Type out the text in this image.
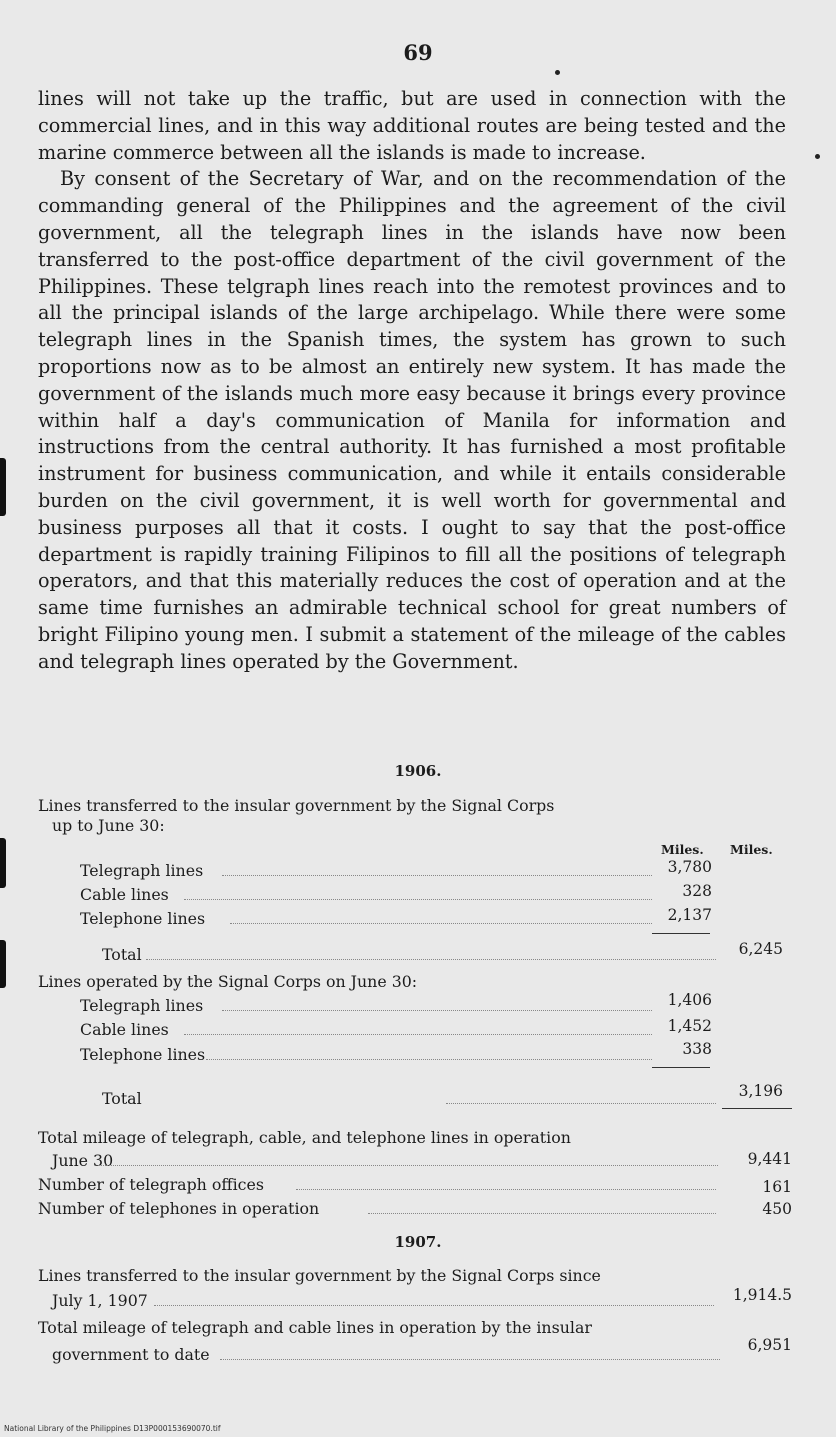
69

lines will not take up the traffic, but are used in connection with the commercial lines, and in this way additional routes are being tested and the marine commerce between all the islands is made to increase.

By consent of the Secretary of War, and on the recommendation of the commanding general of the Philippines and the agreement of the civil government, all the telegraph lines in the islands have now been transferred to the post-office department of the civil government of the Philippines. These telgraph lines reach into the remotest provinces and to all the principal islands of the large archipelago. While there were some telegraph lines in the Spanish times, the system has grown to such proportions now as to be almost an entirely new system. It has made the government of the islands much more easy because it brings every province within half a day's communication of Manila for information and instructions from the central authority. It has furnished a most profitable instrument for business communication, and while it entails considerable burden on the civil government, it is well worth for governmental and business purposes all that it costs. I ought to say that the post-office department is rapidly training Filipinos to fill all the positions of telegraph operators, and that this materially reduces the cost of operation and at the same time furnishes an admirable technical school for great numbers of bright Filipino young men. I submit a statement of the mileage of the cables and telegraph lines operated by the Government.

1906.
Lines transferred to the insular government by the Signal Corps
up to June 30:
Miles. Miles.
Telegraph lines	3,780
Cable lines	328
Telephone lines	2,137
Total	6,245
Lines operated by the Signal Corps on June 30:
Telegraph lines	1,406
Cable lines	1,452
Telephone lines	338
Total	3,196
Total mileage of telegraph, cable, and telephone lines in operation
June 30	9,441
Number of telegraph offices	161
Number of telephones in operation	450
1907.
Lines transferred to the insular government by the Signal Corps since
July 1, 1907	1,914.5
Total mileage of telegraph and cable lines in operation by the insular
government to date	6,951
National Library of the Philippines D13P000153690070.tif
